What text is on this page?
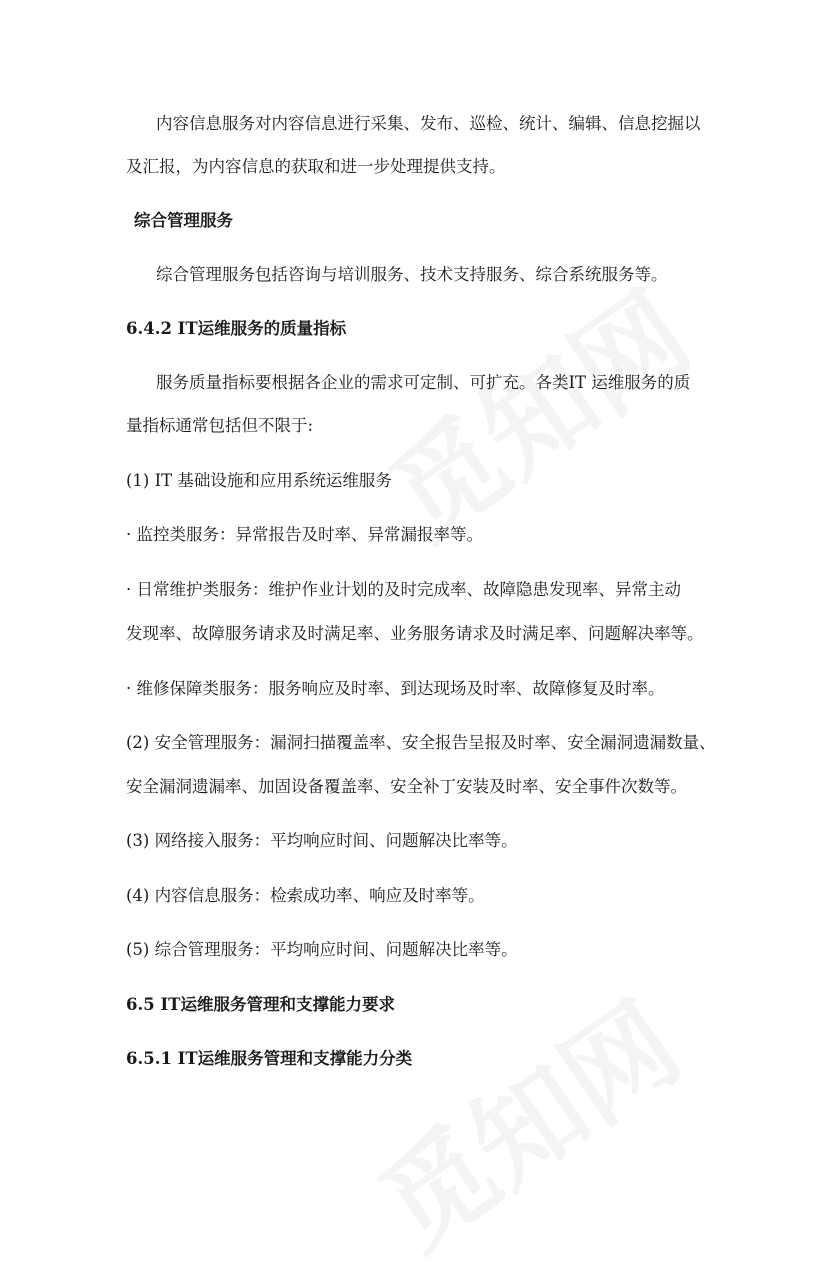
内容信息服务对内容信息进行采集、发布、巡检、统计、编辑、信息挖掘以
及汇报，为内容信息的获取和进一步处理提供支持。
综合管理服务
综合管理服务包括咨询与培训服务、技术支持服务、综合系统服务等。
6.4.2 IT运维服务的质量指标
服务质量指标要根据各企业的需求可定制、可扩充。各类IT 运维服务的质
量指标通常包括但不限于:
(1) IT 基础设施和应用系统运维服务
· 监控类服务：异常报告及时率、异常漏报率等。
· 日常维护类服务：维护作业计划的及时完成率、故障隐患发现率、异常主动
发现率、故障服务请求及时满足率、业务服务请求及时满足率、问题解决率等。
· 维修保障类服务：服务响应及时率、到达现场及时率、故障修复及时率。
(2) 安全管理服务：漏洞扫描覆盖率、安全报告呈报及时率、安全漏洞遗漏数量、
安全漏洞遗漏率、加固设备覆盖率、安全补丁安装及时率、安全事件次数等。
(3) 网络接入服务：平均响应时间、问题解决比率等。
(4) 内容信息服务：检索成功率、响应及时率等。
(5) 综合管理服务：平均响应时间、问题解决比率等。
6.5 IT运维服务管理和支撑能力要求
6.5.1 IT运维服务管理和支撑能力分类
